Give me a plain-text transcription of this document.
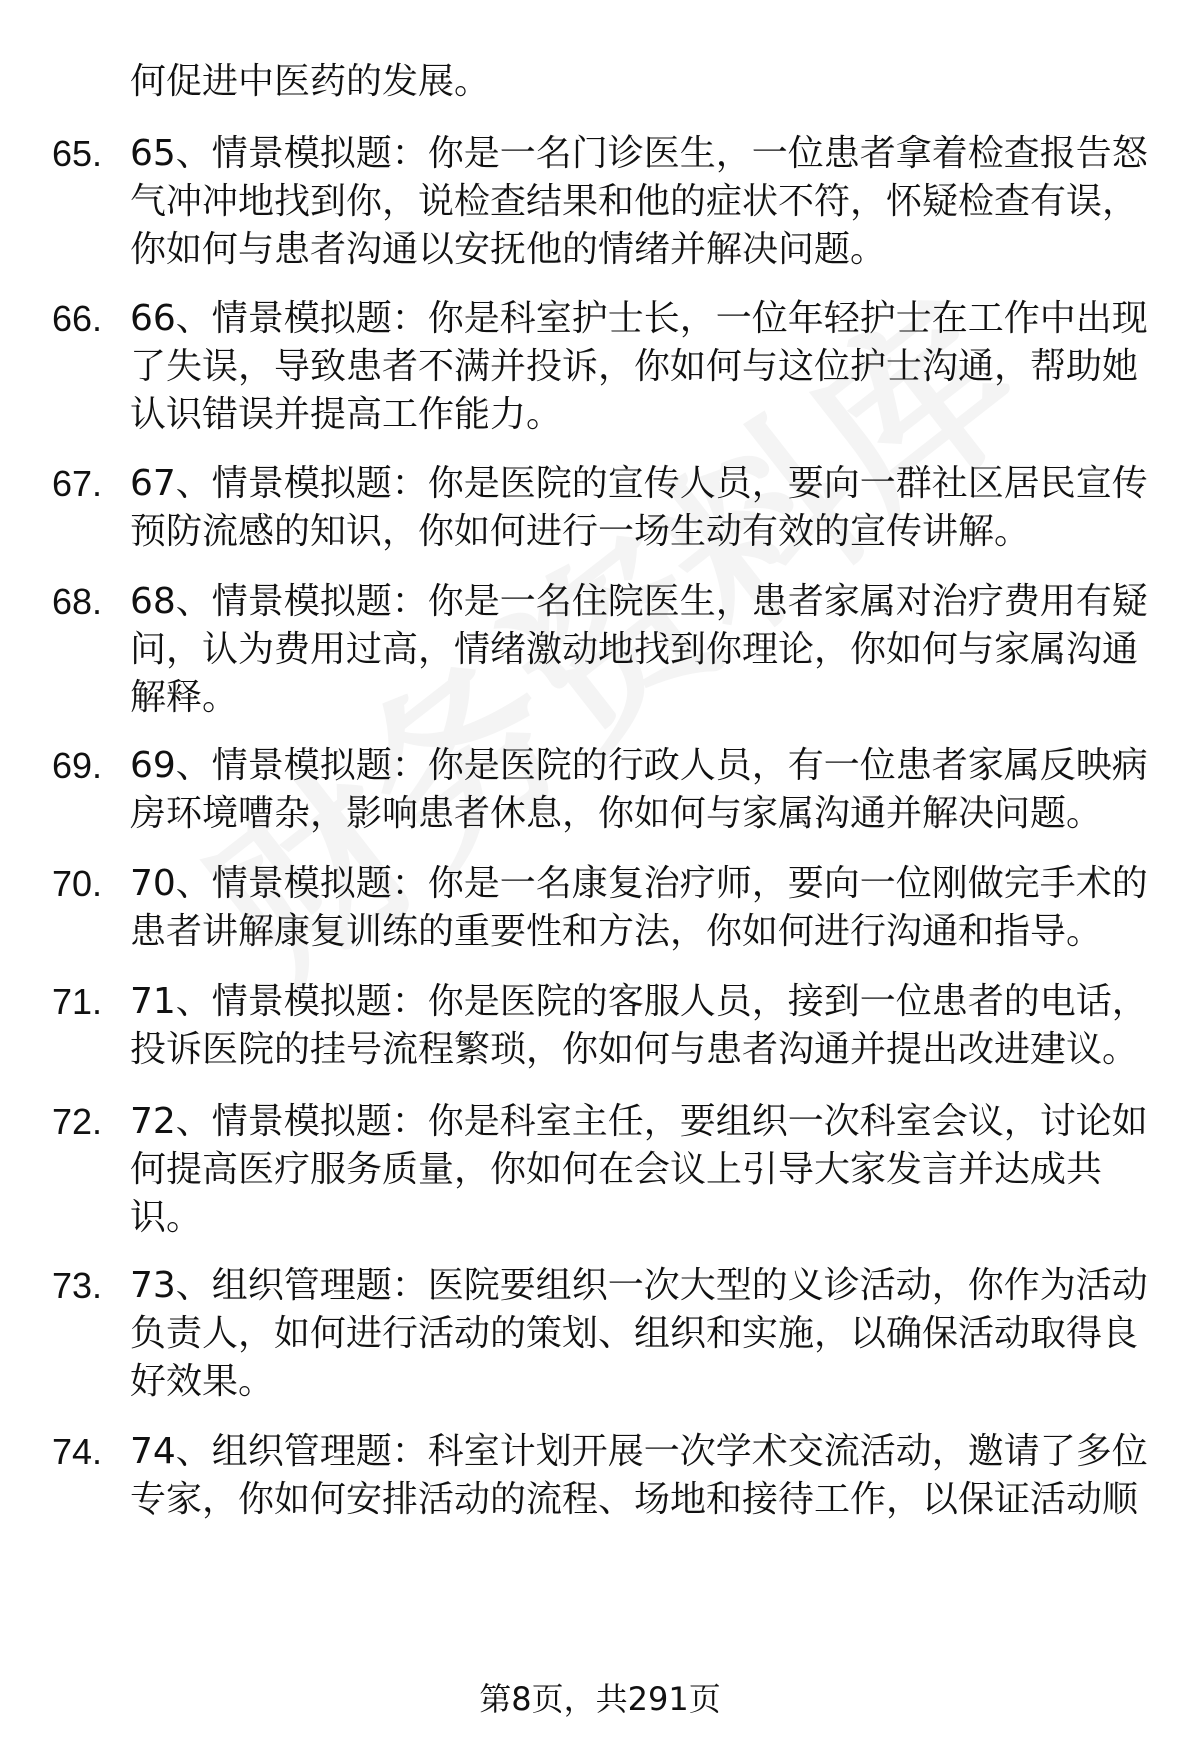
何促进中医药的发展。

65. 65、情景模拟题：你是一名门诊医生，一位患者拿着检查报告怒气冲冲地找到你，说检查结果和他的症状不符，怀疑检查有误，你如何与患者沟通以安抚他的情绪并解决问题。

66. 66、情景模拟题：你是科室护士长，一位年轻护士在工作中出现了失误，导致患者不满并投诉，你如何与这位护士沟通，帮助她认识错误并提高工作能力。

67. 67、情景模拟题：你是医院的宣传人员，要向一群社区居民宣传预防流感的知识，你如何进行一场生动有效的宣传讲解。

68. 68、情景模拟题：你是一名住院医生，患者家属对治疗费用有疑问，认为费用过高，情绪激动地找到你理论，你如何与家属沟通解释。

69. 69、情景模拟题：你是医院的行政人员，有一位患者家属反映病房环境嘈杂，影响患者休息，你如何与家属沟通并解决问题。

70. 70、情景模拟题：你是一名康复治疗师，要向一位刚做完手术的患者讲解康复训练的重要性和方法，你如何进行沟通和指导。

71. 71、情景模拟题：你是医院的客服人员，接到一位患者的电话，投诉医院的挂号流程繁琐，你如何与患者沟通并提出改进建议。

72. 72、情景模拟题：你是科室主任，要组织一次科室会议，讨论如何提高医疗服务质量，你如何在会议上引导大家发言并达成共识。

73. 73、组织管理题：医院要组织一次大型的义诊活动，你作为活动负责人，如何进行活动的策划、组织和实施，以确保活动取得良好效果。

74. 74、组织管理题：科室计划开展一次学术交流活动，邀请了多位专家，你如何安排活动的流程、场地和接待工作，以保证活动顺

第8页，共291页
